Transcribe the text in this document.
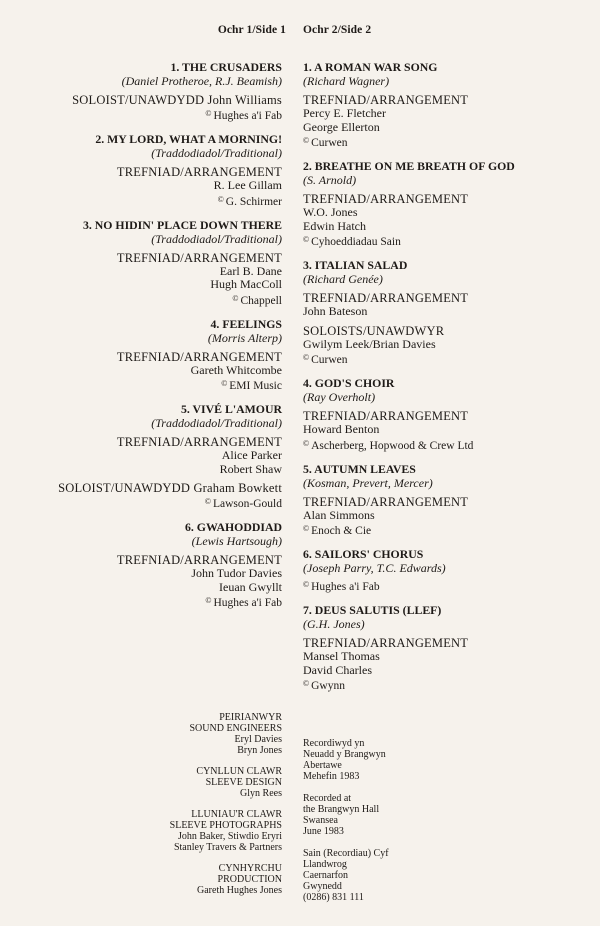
Ochr 1/Side 1 Ochr 2/Side 2
1. THE CRUSADERS
(Daniel Protheroe, R.J. Beamish)
SOLOIST/UNAWDYDD John Williams
© Hughes a'i Fab
2. MY LORD, WHAT A MORNING!
(Traddodiadol/Traditional)
TREFNIAD/ARRANGEMENT
R. Lee Gillam
© G. Schirmer
3. NO HIDIN' PLACE DOWN THERE
(Traddodiadol/Traditional)
TREFNIAD/ARRANGEMENT
Earl B. Dane
Hugh MacColl
© Chappell
4. FEELINGS
(Morris Alterp)
TREFNIAD/ARRANGEMENT
Gareth Whitcombe
© EMI Music
5. VIVÉ L'AMOUR
(Traddodiadol/Traditional)
TREFNIAD/ARRANGEMENT
Alice Parker
Robert Shaw
SOLOIST/UNAWDYDD Graham Bowkett
© Lawson-Gould
6. GWAHODDIAD
(Lewis Hartsough)
TREFNIAD/ARRANGEMENT
John Tudor Davies
Ieuan Gwyllt
© Hughes a'i Fab
1. A ROMAN WAR SONG
(Richard Wagner)
TREFNIAD/ARRANGEMENT
Percy E. Fletcher
George Ellerton
© Curwen
2. BREATHE ON ME BREATH OF GOD
(S. Arnold)
TREFNIAD/ARRANGEMENT
W.O. Jones
Edwin Hatch
© Cyhoeddiadau Sain
3. ITALIAN SALAD
(Richard Genée)
TREFNIAD/ARRANGEMENT
John Bateson
SOLOISTS/UNAWDWYR
Gwilym Leek/Brian Davies
© Curwen
4. GOD'S CHOIR
(Ray Overholt)
TREFNIAD/ARRANGEMENT
Howard Benton
© Ascherberg, Hopwood & Crew Ltd
5. AUTUMN LEAVES
(Kosman, Prevert, Mercer)
TREFNIAD/ARRANGEMENT
Alan Simmons
© Enoch & Cie
6. SAILORS' CHORUS
(Joseph Parry, T.C. Edwards)
© Hughes a'i Fab
7. DEUS SALUTIS (LLEF)
(G.H. Jones)
TREFNIAD/ARRANGEMENT
Mansel Thomas
David Charles
© Gwynn
PEIRIANWYR
SOUND ENGINEERS
Eryl Davies
Bryn Jones
CYNLLUN CLAWR
SLEEVE DESIGN
Glyn Rees
LLUNIAU'R CLAWR
SLEEVE PHOTOGRAPHS
John Baker, Stiwdio Eryri
Stanley Travers & Partners
CYNHYRCHU
PRODUCTION
Gareth Hughes Jones
Recordiwyd yn
Neuadd y Brangwyn
Abertawe
Mehefin 1983
Recorded at
the Brangwyn Hall
Swansea
June 1983
Sain (Recordiau) Cyf
Llandwrog
Caernarfon
Gwynedd
(0286) 831 111
